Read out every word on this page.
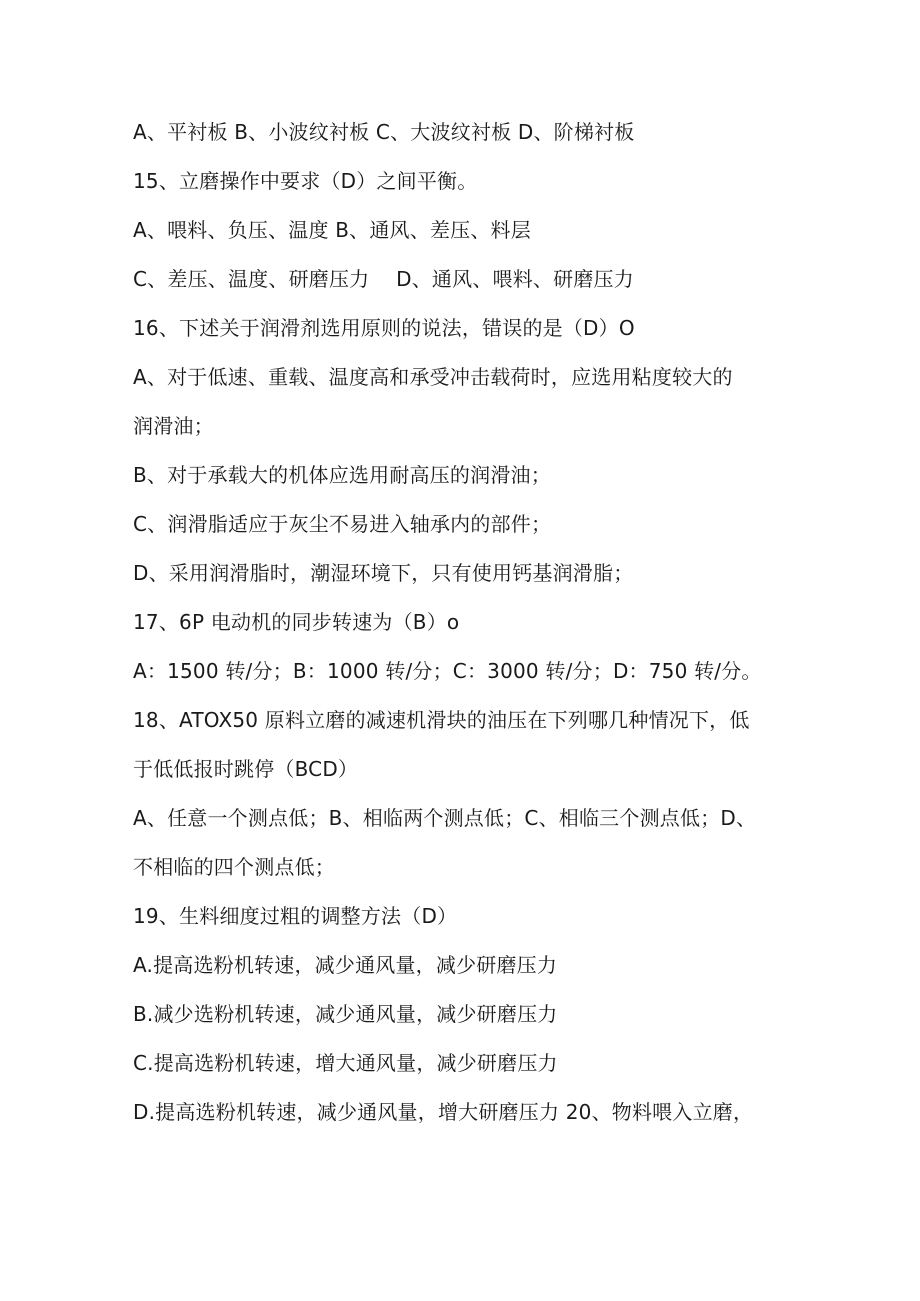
A、平衬板 B、小波纹衬板 C、大波纹衬板 D、阶梯衬板
15、立磨操作中要求（D）之间平衡。
A、喂料、负压、温度 B、通风、差压、料层
C、差压、温度、研磨压力　 D、通风、喂料、研磨压力
16、下述关于润滑剂选用原则的说法，错误的是（D）O
A、对于低速、重载、温度高和承受冲击载荷时，应选用粘度较大的
润滑油；
B、对于承载大的机体应选用耐高压的润滑油；
C、润滑脂适应于灰尘不易进入轴承内的部件；
D、采用润滑脂时，潮湿环境下，只有使用钙基润滑脂；
17、6P 电动机的同步转速为（B）o
A：1500 转/分；B：1000 转/分；C：3000 转/分；D：750 转/分。
18、ATOX50 原料立磨的减速机滑块的油压在下列哪几种情况下，低
于低低报时跳停（BCD）
A、任意一个测点低；B、相临两个测点低；C、相临三个测点低；D、
不相临的四个测点低；
19、生料细度过粗的调整方法（D）
A.提高选粉机转速，减少通风量，减少研磨压力
B.减少选粉机转速，减少通风量，减少研磨压力
C.提高选粉机转速，增大通风量，减少研磨压力
D.提高选粉机转速，减少通风量，增大研磨压力 20、物料喂入立磨，
